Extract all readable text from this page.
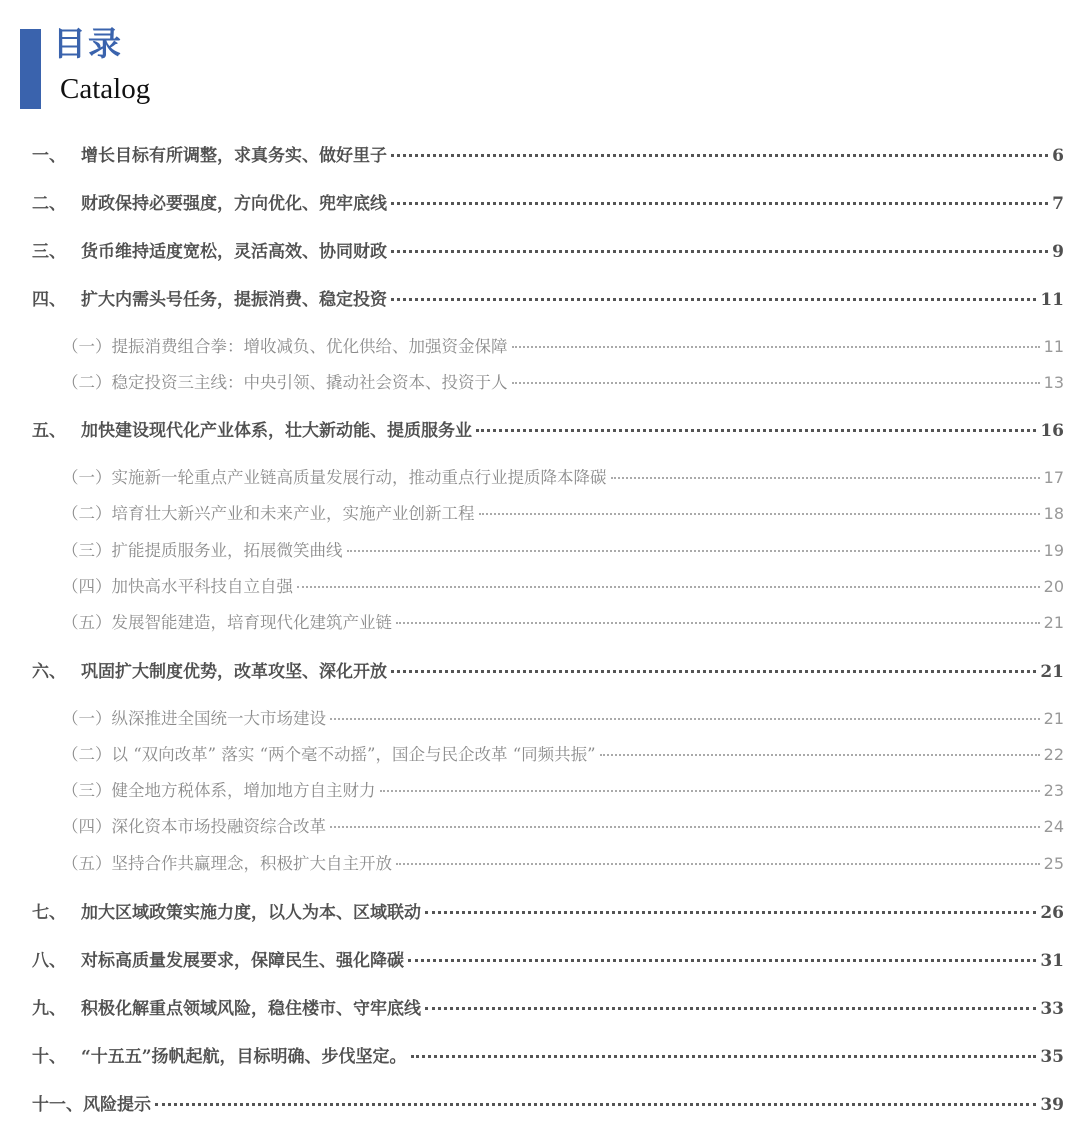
目录
Catalog
一、 增长目标有所调整，求真务实、做好里子	6
二、 财政保持必要强度，方向优化、兜牢底线	7
三、 货币维持适度宽松，灵活高效、协同财政	9
四、 扩大内需头号任务，提振消费、稳定投资	11
（一） 提振消费组合拳：增收减负、优化供给、加强资金保障	11
（二） 稳定投资三主线：中央引领、撬动社会资本、投资于人	13
五、 加快建设现代化产业体系，壮大新动能、提质服务业	16
（一） 实施新一轮重点产业链高质量发展行动，推动重点行业提质降本降碳	17
（二） 培育壮大新兴产业和未来产业，实施产业创新工程	18
（三） 扩能提质服务业，拓展微笑曲线	19
（四） 加快高水平科技自立自强	20
（五） 发展智能建造，培育现代化建筑产业链	21
六、 巩固扩大制度优势，改革攻坚、深化开放	21
（一） 纵深推进全国统一大市场建设	21
（二） 以 “双向改革” 落实 “两个毫不动摇”，国企与民企改革 “同频共振”	22
（三） 健全地方税体系，增加地方自主财力	23
（四） 深化资本市场投融资综合改革	24
（五） 坚持合作共赢理念，积极扩大自主开放	25
七、 加大区域政策实施力度，以人为本、区域联动	26
八、 对标高质量发展要求，保障民生、强化降碳	31
九、 积极化解重点领域风险，稳住楼市、守牢底线	33
十、 “十五五”扬帆起航，目标明确、步伐坚定。	35
十一、 风险提示	39
